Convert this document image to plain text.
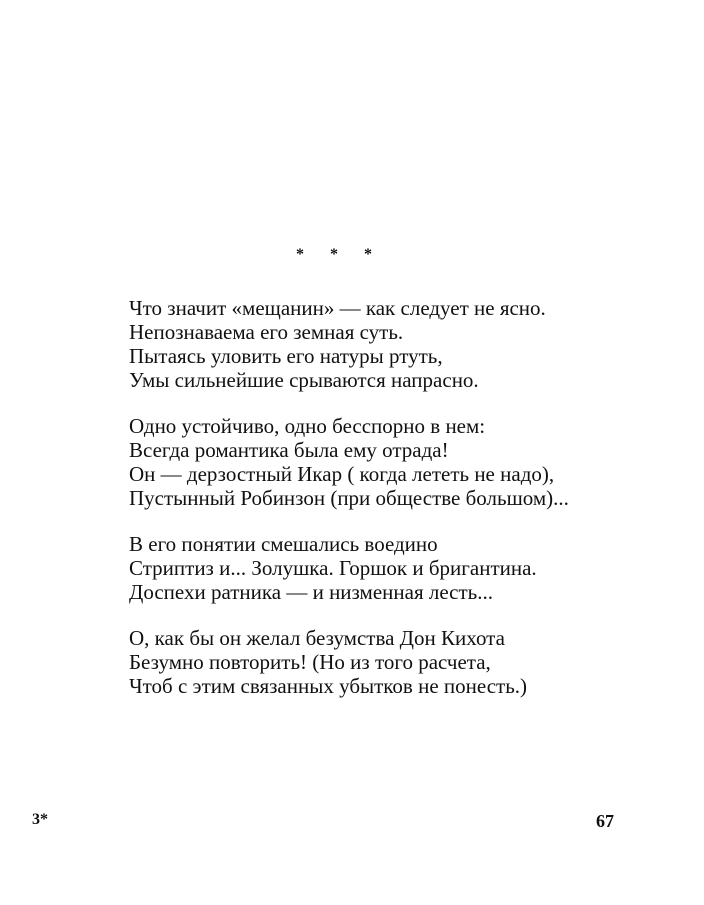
* * *
Что значит «мещанин» — как следует не ясно.
Непознаваема его земная суть.
Пытаясь уловить его натуры ртуть,
Умы сильнейшие срываются напрасно.
Одно устойчиво, одно бесспорно в нем:
Всегда романтика была ему отрада!
Он — дерзостный Икар ( когда лететь не надо),
Пустынный Робинзон (при обществе большом)...
В его понятии смешались воедино
Стриптиз и... Золушка. Горшок и бригантина.
Доспехи ратника — и низменная лесть...
О, как бы он желал безумства Дон Кихота
Безумно повторить! (Но из того расчета,
Чтоб с этим связанных убытков не понесть.)
3*	67
